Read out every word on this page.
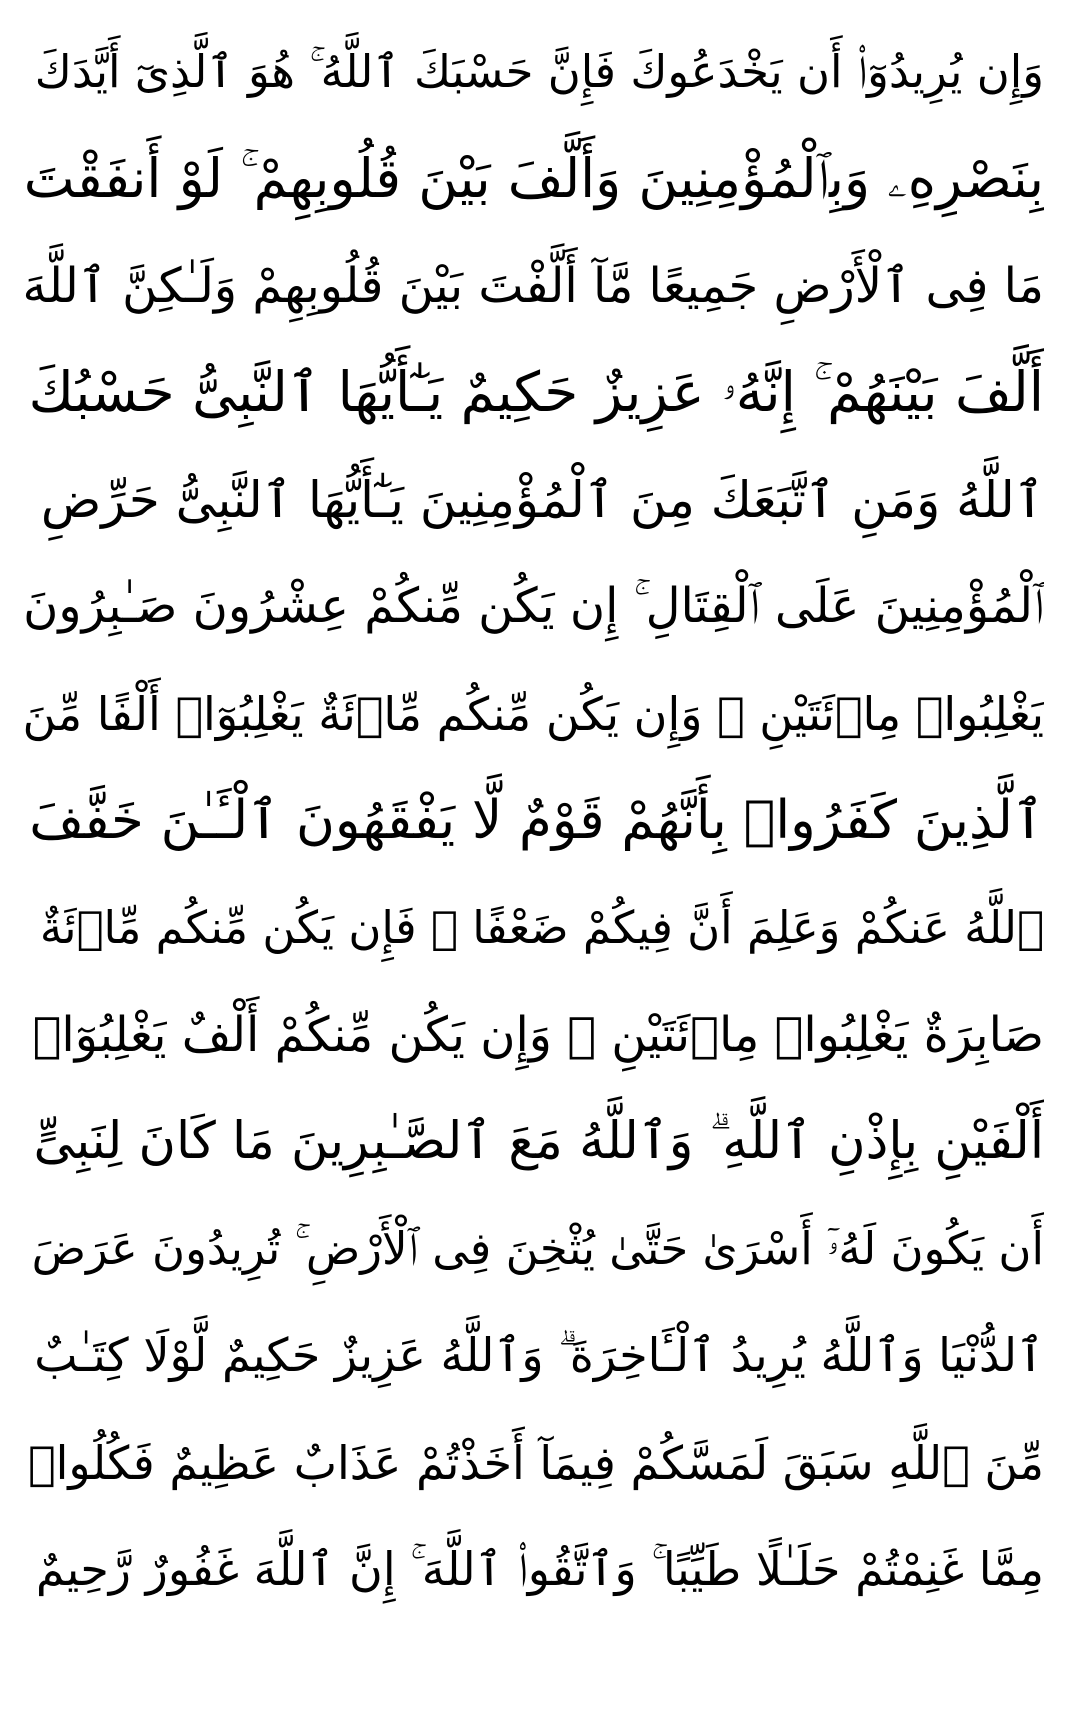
وَإِن يُرِيدُوٓا۟ أَن يَخْدَعُوكَ فَإِنَّ حَسْبَكَ ٱللَّهُ ۚ هُوَ ٱلَّذِىٓ أَيَّدَكَ
بِنَصْرِهِۦ وَبِٱلْمُؤْمِنِينَ وَأَلَّفَ بَيْنَ قُلُوبِهِمْ ۚ لَوْ أَنفَقْتَ
مَا فِى ٱلْأَرْضِ جَمِيعًا مَّآ أَلَّفْتَ بَيْنَ قُلُوبِهِمْ وَلَـٰكِنَّ ٱللَّهَ
أَلَّفَ بَيْنَهُمْ ۚ إِنَّهُۥ عَزِيزٌ حَكِيمٌ يَـٰٓأَيُّهَا ٱلنَّبِىُّ حَسْبُكَ
ٱللَّهُ وَمَنِ ٱتَّبَعَكَ مِنَ ٱلْمُؤْمِنِينَ يَـٰٓأَيُّهَا ٱلنَّبِىُّ حَرِّضِ
ٱلْمُؤْمِنِينَ عَلَى ٱلْقِتَالِ ۚ إِن يَكُن مِّنكُمْ عِشْرُونَ صَـٰبِرُونَ
يَغْلِبُوا۟ مِا۟ئَتَيْنِ ۚ وَإِن يَكُن مِّنكُم مِّا۟ئَةٌ يَغْلِبُوٓا۟ أَلْفًا مِّنَ
ٱلَّذِينَ كَفَرُوا۟ بِأَنَّهُمْ قَوْمٌ لَّا يَفْقَهُونَ ٱلْـَٔـٰنَ خَفَّفَ
ٱللَّهُ عَنكُمْ وَعَلِمَ أَنَّ فِيكُمْ ضَعْفًا ۚ فَإِن يَكُن مِّنكُم مِّا۟ئَةٌ
صَابِرَةٌ يَغْلِبُوا۟ مِا۟ئَتَيْنِ ۚ وَإِن يَكُن مِّنكُمْ أَلْفٌ يَغْلِبُوٓا۟
أَلْفَيْنِ بِإِذْنِ ٱللَّهِ ۗ وَٱللَّهُ مَعَ ٱلصَّـٰبِرِينَ مَا كَانَ لِنَبِىٍّ
أَن يَكُونَ لَهُۥٓ أَسْرَىٰ حَتَّىٰ يُثْخِنَ فِى ٱلْأَرْضِ ۚ تُرِيدُونَ عَرَضَ
ٱلدُّنْيَا وَٱللَّهُ يُرِيدُ ٱلْـَٔاخِرَةَ ۗ وَٱللَّهُ عَزِيزٌ حَكِيمٌ لَّوْلَا كِتَـٰبٌ
مِّنَ ٱللَّهِ سَبَقَ لَمَسَّكُمْ فِيمَآ أَخَذْتُمْ عَذَابٌ عَظِيمٌ فَكُلُوا۟
مِمَّا غَنِمْتُمْ حَلَـٰلًا طَيِّبًا ۚ وَٱتَّقُوا۟ ٱللَّهَ ۚ إِنَّ ٱللَّهَ غَفُورٌ رَّحِيمٌ
